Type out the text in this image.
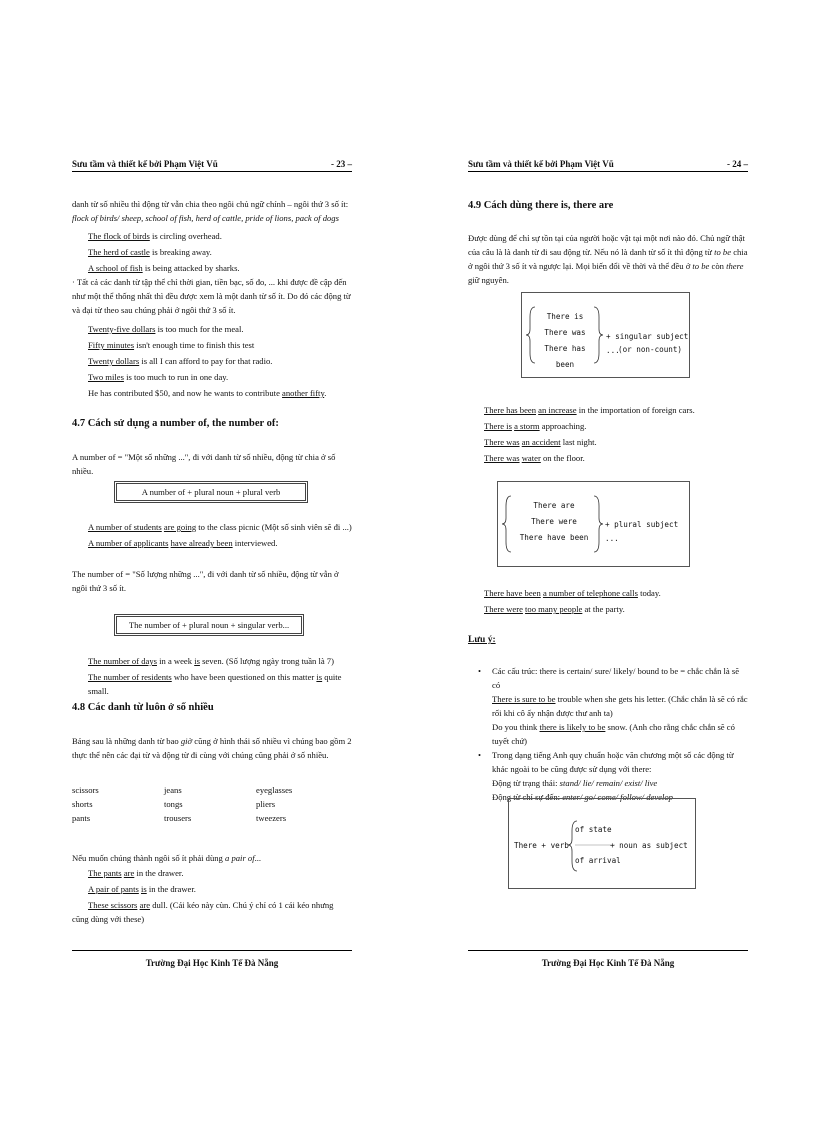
Sưu tầm và thiết kế bởi Phạm Việt Vũ	- 23 –
danh từ số nhiều thì động từ vẫn chia theo ngôi chủ ngữ chính – ngôi thứ 3 số ít: flock of birds/ sheep, school of fish, herd of cattle, pride of lions, pack of dogs
The flock of birds is circling overhead.
The herd of castle is breaking away.
A school of fish is being attacked by sharks.
· Tất cả các danh từ tập thể chỉ thời gian, tiền bạc, số đo, ... khi được đề cập đến như một thể thống nhất thì đều được xem là một danh từ số ít. Do đó các động từ và đại từ theo sau chúng phải ở ngôi thứ 3 số ít.
Twenty-five dollars is too much for the meal.
Fifty minutes isn't enough time to finish this test
Twenty dollars is all I can afford to pay for that radio.
Two miles is too much to run in one day.
He has contributed $50, and now he wants to contribute another fifty.
4.7 Cách sử dụng a number of, the number of:
A number of = "Một số những ...", đi với danh từ số nhiều, động từ chia ở số nhiều.
A number of + plural noun + plural verb
A number of students are going to the class picnic (Một số sinh viên sẽ đi ...)
A number of applicants have already been interviewed.
The number of = "Số lượng những ...", đi với danh từ số nhiều, động từ vẫn ở ngôi thứ 3 số ít.
The number of + plural noun + singular verb...
The number of days in a week is seven. (Số lượng ngày trong tuần là 7)
The number of residents who have been questioned on this matter is quite small.
4.8 Các danh từ luôn ở số nhiều
Bảng sau là những danh từ bao giờ cũng ở hình thái số nhiều vì chúng bao gồm 2 thực thể nên các đại từ và động từ đi cùng với chúng cũng phải ở số nhiều.
scissors
shorts
pants
jeans
tongs
trousers
eyeglasses
pliers
tweezers
Nếu muốn chúng thành ngôi số ít phải dùng a pair of...
The pants are in the drawer.
A pair of pants is in the drawer.
These scissors are dull. (Cái kéo này cùn. Chú ý chỉ có 1 cái kéo nhưng cũng dùng với these)
Trường Đại Học Kinh Tế Đà Nẵng
Sưu tầm và thiết kế bởi Phạm Việt Vũ	- 24 –
4.9 Cách dùng there is, there are
Được dùng để chỉ sự tồn tại của người hoặc vật tại một nơi nào đó. Chủ ngữ thật của câu là là danh từ đi sau động từ. Nếu nó là danh từ số ít thì động từ to be chia ở ngôi thứ 3 số ít và ngược lại. Mọi biến đổi về thời và thể đều ở to be còn there giữ nguyên.
There is
There was
There has been
+ singular subject ...
(or non-count)
There has been an increase in the importation of foreign cars.
There is a storm approaching.
There was an accident last night.
There was water on the floor.
There are
There were
There have been
+ plural subject ...
There have been a number of telephone calls today.
There were too many people at the party.
Lưu ý:
• Các cấu trúc: there is certain/ sure/ likely/ bound to be = chắc chắn là sẽ có
There is sure to be trouble when she gets his letter. (Chắc chắn là sẽ có rắc rối khi cô ấy nhận được thư anh ta)
Do you think there is likely to be snow. (Anh cho rằng chắc chắn sẽ có tuyết chứ)
• Trong dạng tiếng Anh quy chuẩn hoặc văn chương một số các động từ khác ngoài to be cũng được sử dụng với there:
Động từ trạng thái: stand/ lie/ remain/ exist/ live
Động từ chỉ sự đến: enter/ go/ come/ follow/ develop
There + verb
of state
of arrival
+ noun as subject
Trường Đại Học Kinh Tế Đà Nẵng
